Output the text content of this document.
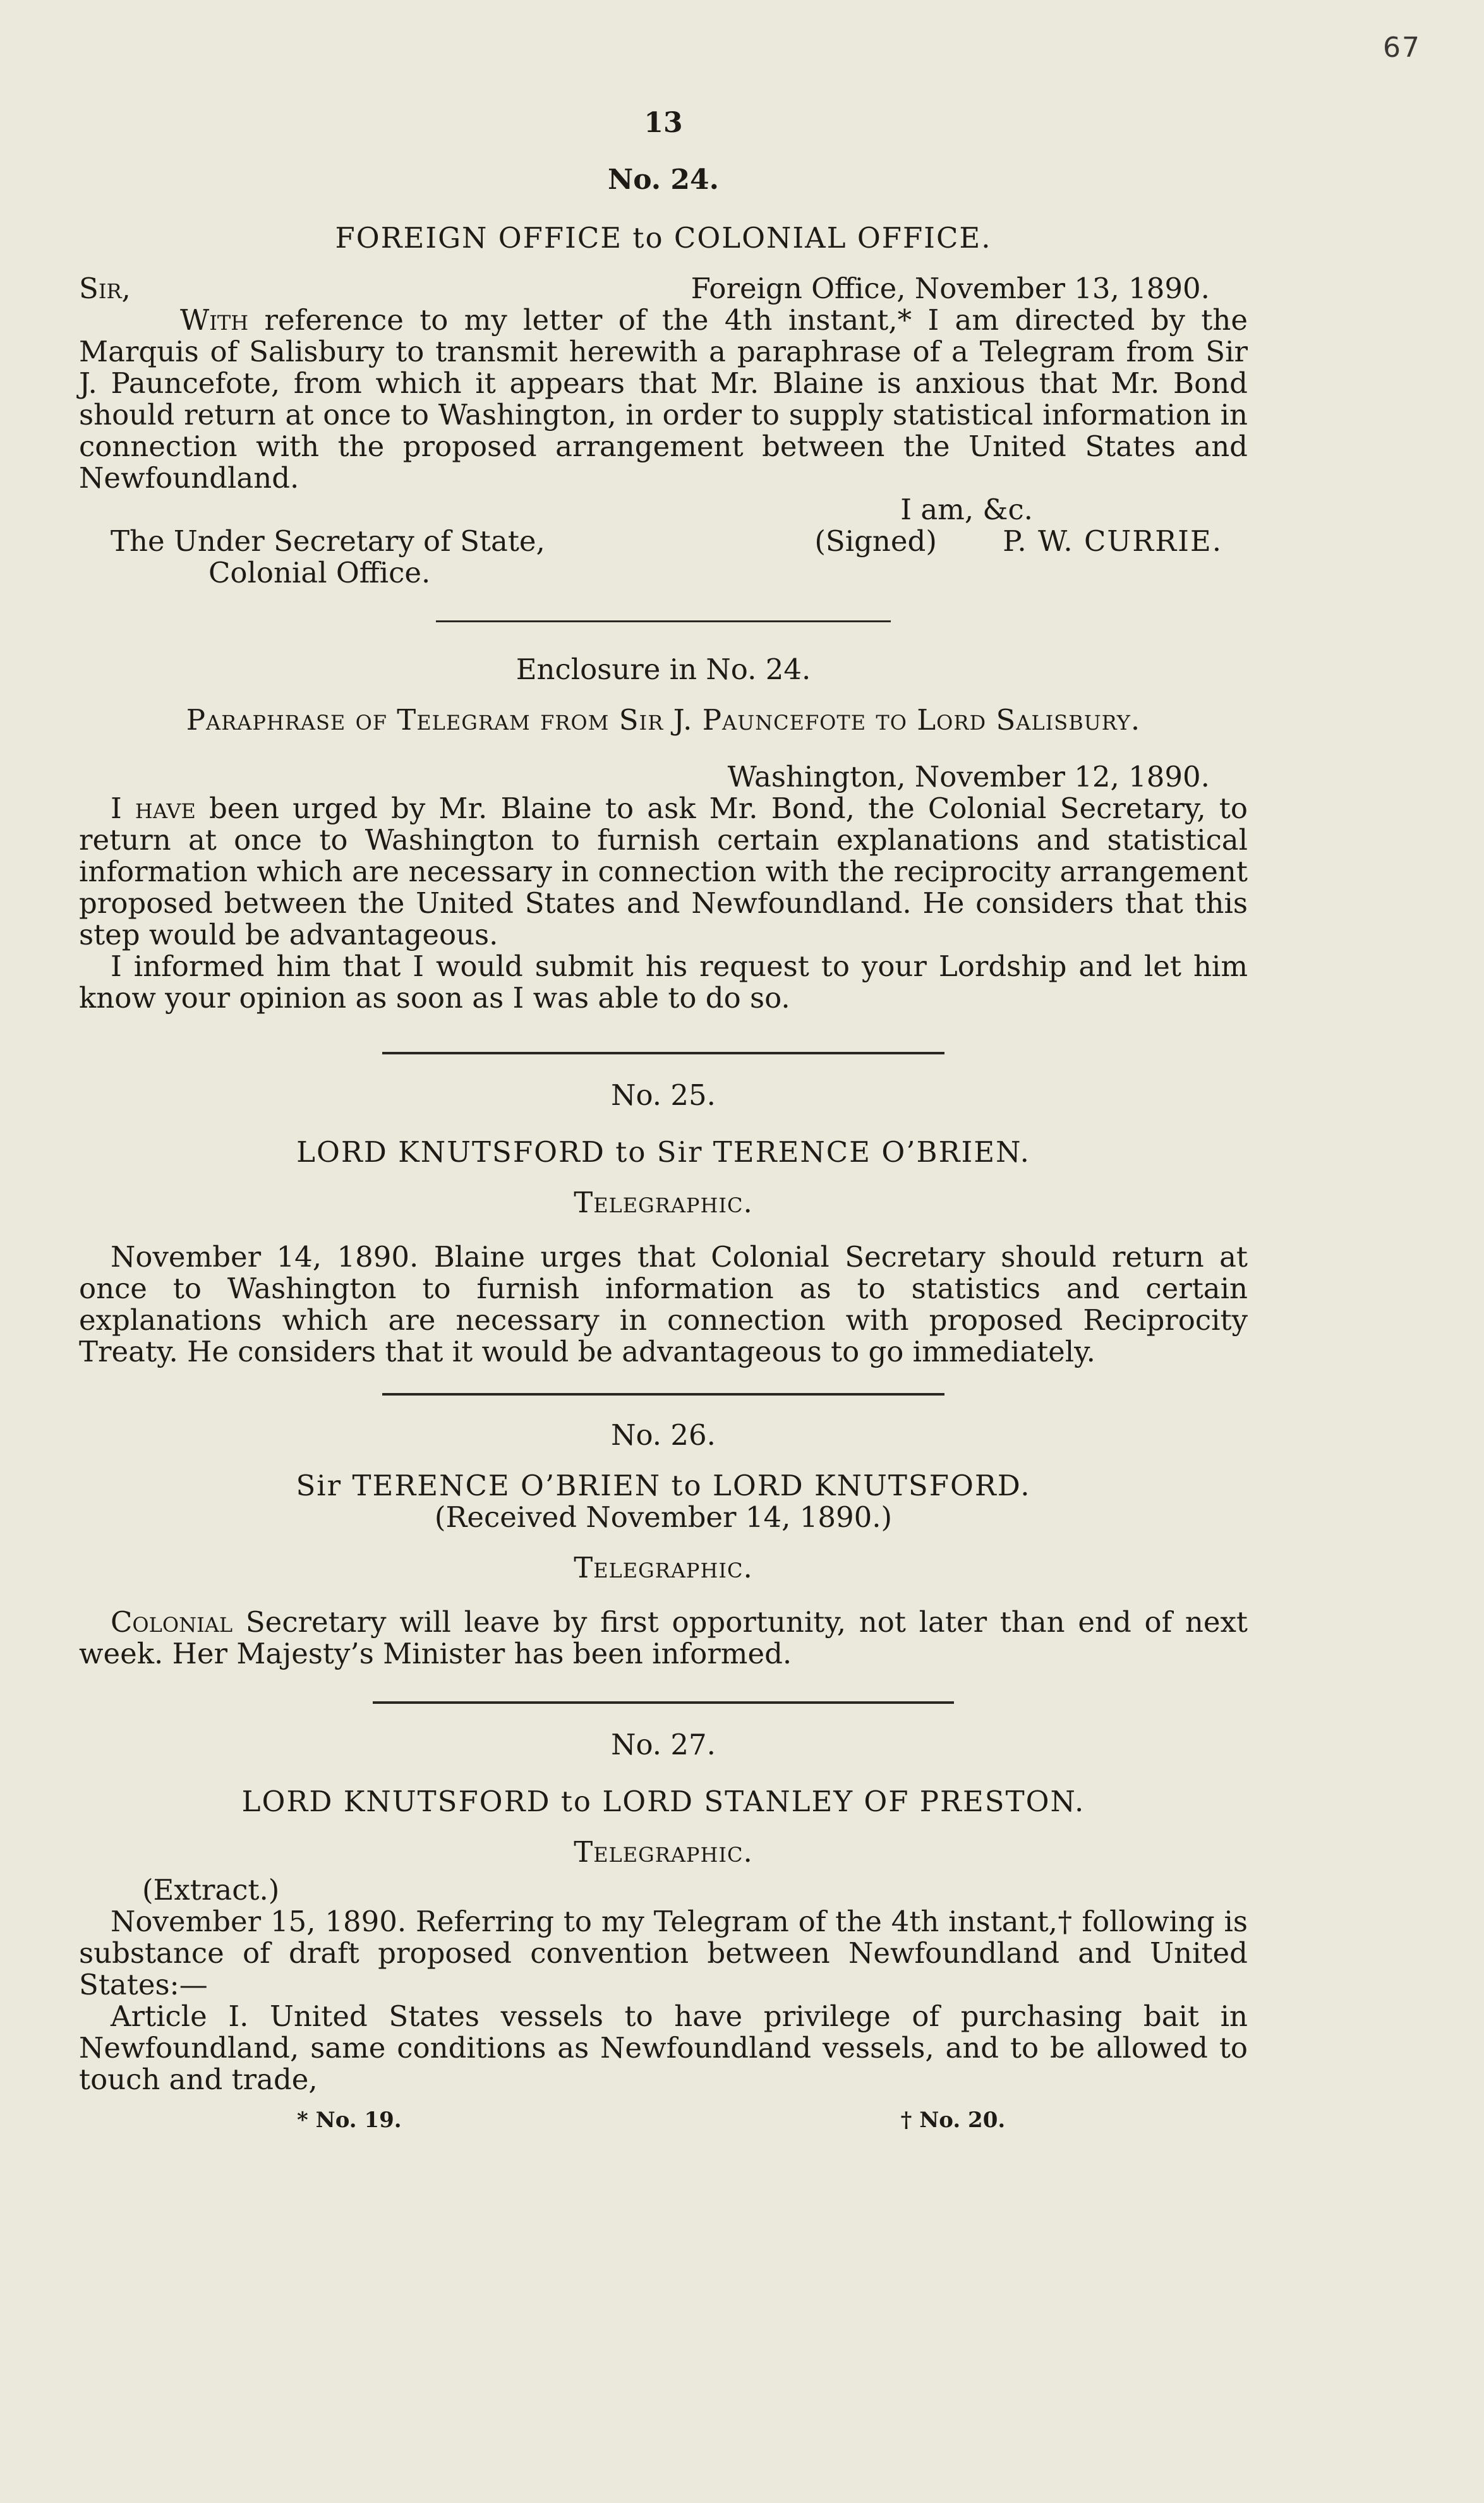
67
13
No. 24.
FOREIGN OFFICE to COLONIAL OFFICE.
Sir,	Foreign Office, November 13, 1890.

With reference to my letter of the 4th instant,* I am directed by the Marquis of Salisbury to transmit herewith a paraphrase of a Telegram from Sir J. Pauncefote, from which it appears that Mr. Blaine is anxious that Mr. Bond should return at once to Washington, in order to supply statistical information in connection with the proposed arrangement between the United States and Newfoundland.

I am, &c.
The Under Secretary of State,	(Signed) P. W. CURRIE.
Colonial Office.
Enclosure in No. 24.
Paraphrase of Telegram from Sir J. Pauncefote to Lord Salisbury.
Washington, November 12, 1890.

I have been urged by Mr. Blaine to ask Mr. Bond, the Colonial Secretary, to return at once to Washington to furnish certain explanations and statistical information which are necessary in connection with the reciprocity arrangement proposed between the United States and Newfoundland. He considers that this step would be advantageous.

I informed him that I would submit his request to your Lordship and let him know your opinion as soon as I was able to do so.

No. 25.
LORD KNUTSFORD to Sir TERENCE O’BRIEN.
Telegraphic.

November 14, 1890. Blaine urges that Colonial Secretary should return at once to Washington to furnish information as to statistics and certain explanations which are necessary in connection with proposed Reciprocity Treaty. He considers that it would be advantageous to go immediately.

No. 26.
Sir TERENCE O’BRIEN to LORD KNUTSFORD.
(Received November 14, 1890.)
Telegraphic.

Colonial Secretary will leave by first opportunity, not later than end of next week. Her Majesty’s Minister has been informed.

No. 27.
LORD KNUTSFORD to LORD STANLEY OF PRESTON.
Telegraphic.
(Extract.)

November 15, 1890. Referring to my Telegram of the 4th instant,† following is substance of draft proposed convention between Newfoundland and United States:—

Article I. United States vessels to have privilege of purchasing bait in Newfoundland, same conditions as Newfoundland vessels, and to be allowed to touch and trade,

* No. 19.	† No. 20.
